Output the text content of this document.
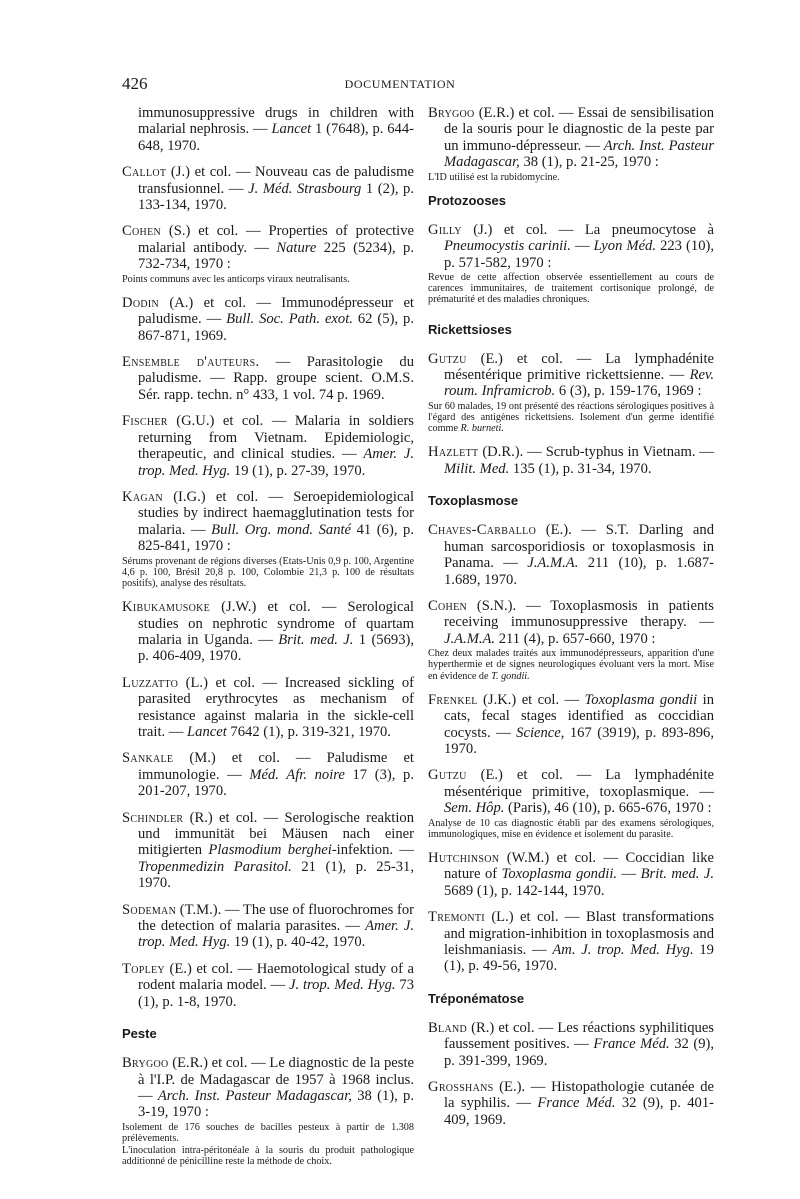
426	DOCUMENTATION

immunosuppressive drugs in children with malarial nephrosis. — Lancet 1 (7648), p. 644-648, 1970.

Callot (J.) et col. — Nouveau cas de paludisme transfusionnel. — J. Méd. Strasbourg 1 (2), p. 133-134, 1970.

Cohen (S.) et col. — Properties of protective malarial antibody. — Nature 225 (5234), p. 732-734, 1970 :
Points communs avec les anticorps viraux neutralisants.

Dodin (A.) et col. — Immunodépresseur et paludisme. — Bull. Soc. Path. exot. 62 (5), p. 867-871, 1969.

Ensemble d'auteurs. — Parasitologie du paludisme. — Rapp. groupe scient. O.M.S. Sér. rapp. techn. n° 433, 1 vol. 74 p. 1969.

Fischer (G.U.) et col. — Malaria in soldiers returning from Vietnam. Epidemiologic, therapeutic, and clinical studies. — Amer. J. trop. Med. Hyg. 19 (1), p. 27-39, 1970.

Kagan (I.G.) et col. — Seroepidemiological studies by indirect haemagglutination tests for malaria. — Bull. Org. mond. Santé 41 (6), p. 825-841, 1970 :
Sérums provenant de régions diverses (Etats-Unis 0,9 p. 100, Argentine 4,6 p. 100, Brésil 20,8 p. 100, Colombie 21,3 p. 100 de résultats positifs), analyse des résultats.

Kibukamusoke (J.W.) et col. — Serological studies on nephrotic syndrome of quartam malaria in Uganda. — Brit. med. J. 1 (5693), p. 406-409, 1970.

Luzzatto (L.) et col. — Increased sickling of parasited erythrocytes as mechanism of resistance against malaria in the sickle-cell trait. — Lancet 7642 (1), p. 319-321, 1970.

Sankale (M.) et col. — Paludisme et immunologie. — Méd. Afr. noire 17 (3), p. 201-207, 1970.

Schindler (R.) et col. — Serologische reaktion und immunität bei Mäusen nach einer mitigierten Plasmodium berghei-infektion. — Tropenmedizin Parasitol. 21 (1), p. 25-31, 1970.

Sodeman (T.M.). — The use of fluorochromes for the detection of malaria parasites. — Amer. J. trop. Med. Hyg. 19 (1), p. 40-42, 1970.

Topley (E.) et col. — Haemotological study of a rodent malaria model. — J. trop. Med. Hyg. 73 (1), p. 1-8, 1970.

Peste

Brygoo (E.R.) et col. — Le diagnostic de la peste à l'I.P. de Madagascar de 1957 à 1968 inclus. — Arch. Inst. Pasteur Madagascar, 38 (1), p. 3-19, 1970 :
Isolement de 176 souches de bacilles pesteux à partir de 1.308 prélèvements.
L'inoculation intra-péritonéale à la souris du produit pathologique additionné de pénicilline reste la méthode de choix.

Brygoo (E.R.) et col. — Essai de sensibilisation de la souris pour le diagnostic de la peste par un immuno-dépresseur. — Arch. Inst. Pasteur Madagascar, 38 (1), p. 21-25, 1970 :
L'ID utilisé est la rubidomycine.

Protozooses

Gilly (J.) et col. — La pneumocytose à Pneumocystis carinii. — Lyon Méd. 223 (10), p. 571-582, 1970 :
Revue de cette affection observée essentiellement au cours de carences immunitaires, de traitement cortisonique prolongé, de prématurité et des maladies chroniques.

Rickettsioses

Gutzu (E.) et col. — La lymphadénite mésentérique primitive rickettsienne. — Rev. roum. Inframicrob. 6 (3), p. 159-176, 1969 :
Sur 60 malades, 19 ont présenté des réactions sérologiques positives à l'égard des antigènes rickettsiens. Isolement d'un germe identifié comme R. burneti.

Hazlett (D.R.). — Scrub-typhus in Vietnam. — Milit. Med. 135 (1), p. 31-34, 1970.

Toxoplasmose

Chaves-Carballo (E.). — S.T. Darling and human sarcosporidiosis or toxoplasmosis in Panama. — J.A.M.A. 211 (10), p. 1.687-1.689, 1970.

Cohen (S.N.). — Toxoplasmosis in patients receiving immunosuppressive therapy. — J.A.M.A. 211 (4), p. 657-660, 1970 :
Chez deux malades traités aux immunodépresseurs, apparition d'une hyperthermie et de signes neurologiques évoluant vers la mort. Mise en évidence de T. gondii.

Frenkel (J.K.) et col. — Toxoplasma gondii in cats, fecal stages identified as coccidian cocysts. — Science, 167 (3919), p. 893-896, 1970.

Gutzu (E.) et col. — La lymphadénite mésentérique primitive, toxoplasmique. — Sem. Hôp. (Paris), 46 (10), p. 665-676, 1970 :
Analyse de 10 cas diagnostic établi par des examens sérologiques, immunologiques, mise en évidence et isolement du parasite.

Hutchinson (W.M.) et col. — Coccidian like nature of Toxoplasma gondii. — Brit. med. J. 5689 (1), p. 142-144, 1970.

Tremonti (L.) et col. — Blast transformations and migration-inhibition in toxoplasmosis and leishmaniasis. — Am. J. trop. Med. Hyg. 19 (1), p. 49-56, 1970.

Tréponématose

Bland (R.) et col. — Les réactions syphilitiques faussement positives. — France Méd. 32 (9), p. 391-399, 1969.

Grosshans (E.). — Histopathologie cutanée de la syphilis. — France Méd. 32 (9), p. 401-409, 1969.
